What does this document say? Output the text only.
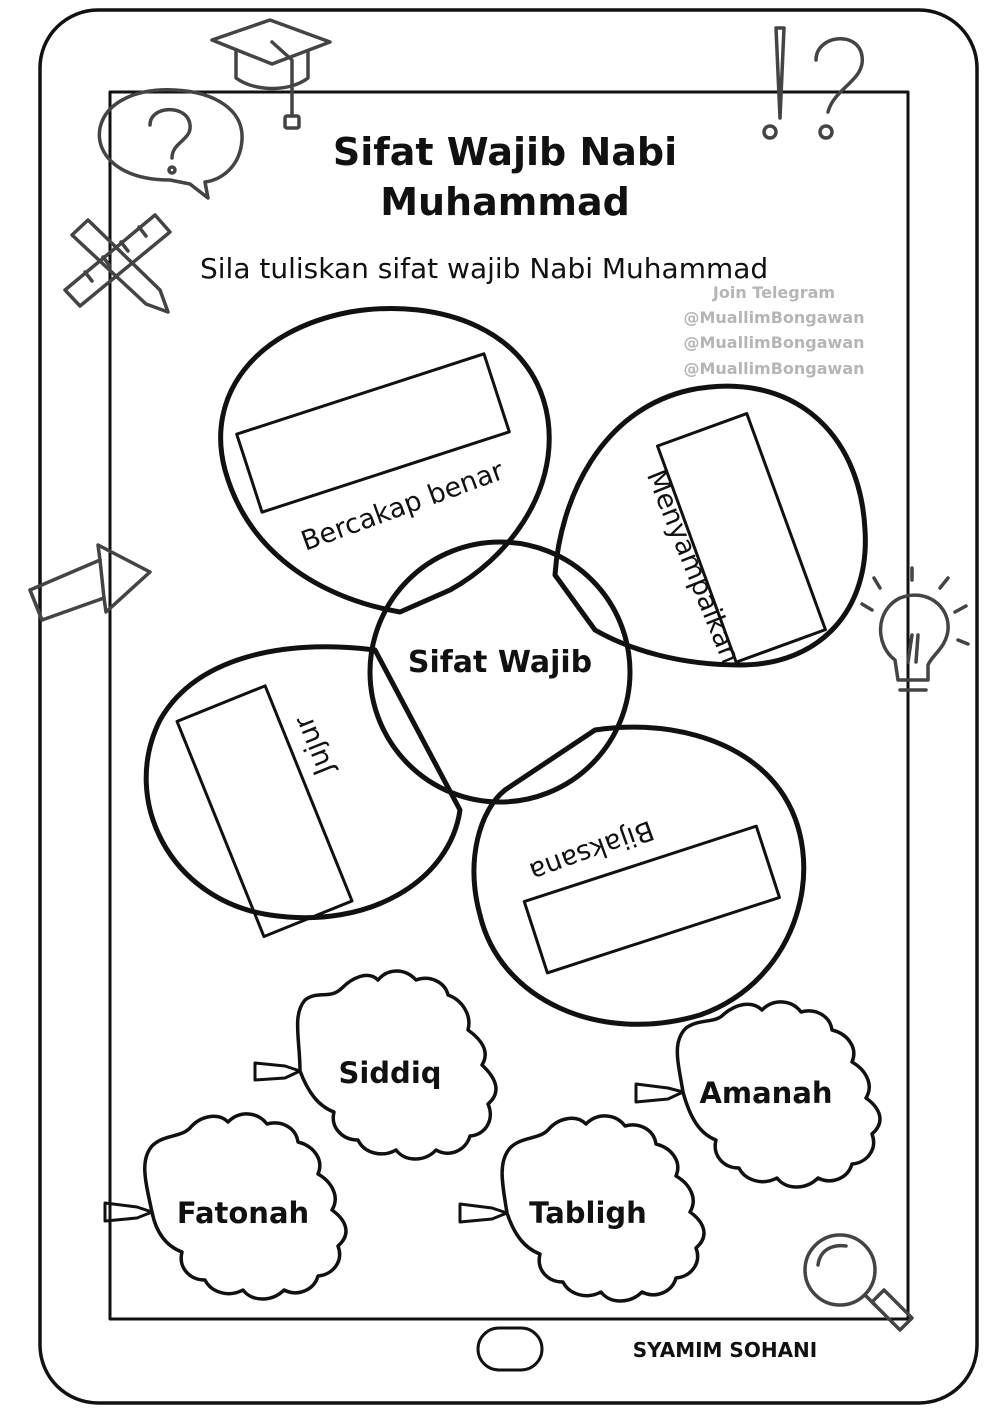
Sifat Wajib Nabi
Muhammad
Sila tuliskan sifat wajib Nabi Muhammad
Join Telegram
@MuallimBongawan
@MuallimBongawan
@MuallimBongawan
Bercakap benar	Menyampaikan
Bijaksana
Jujur
Sifat Wajib
Siddiq
Amanah
Fatonah	Tabligh
SYAMIM SOHANI
